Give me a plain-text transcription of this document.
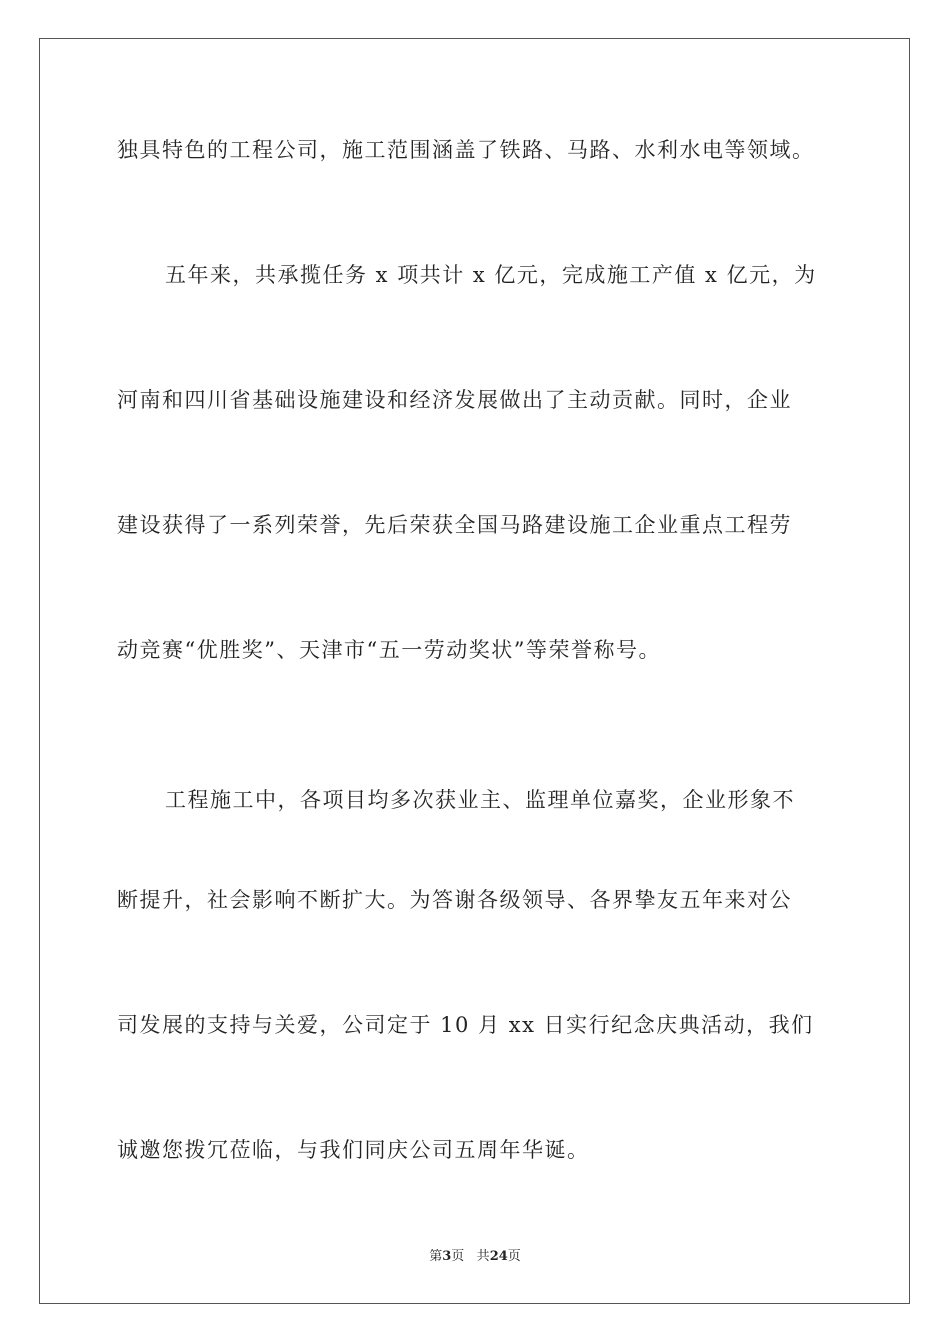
独具特色的工程公司，施工范围涵盖了铁路、马路、水利水电等领域。
五年来，共承揽任务 x 项共计 x 亿元，完成施工产值 x 亿元，为
河南和四川省基础设施建设和经济发展做出了主动贡献。同时，企业
建设获得了一系列荣誉，先后荣获全国马路建设施工企业重点工程劳
动竞赛“优胜奖”、天津市“五一劳动奖状”等荣誉称号。
工程施工中，各项目均多次获业主、监理单位嘉奖，企业形象不
断提升，社会影响不断扩大。为答谢各级领导、各界挚友五年来对公
司发展的支持与关爱，公司定于 10 月 xx 日实行纪念庆典活动，我们
诚邀您拨冗莅临，与我们同庆公司五周年华诞。
第3页 共24页
